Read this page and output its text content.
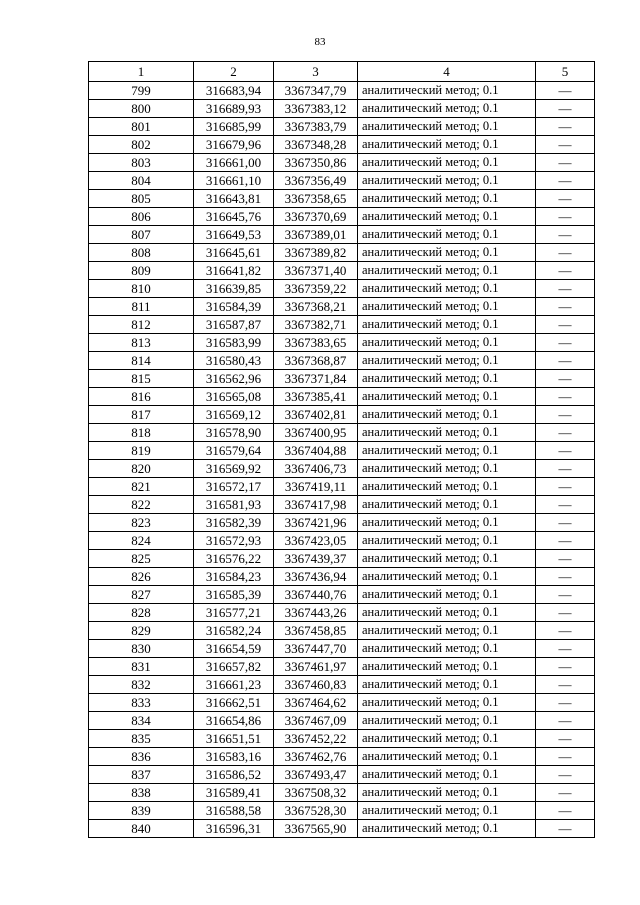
83
1	2	3	4	5
799	316683,94	3367347,79	аналитический метод; 0.1	—
800	316689,93	3367383,12	аналитический метод; 0.1	—
801	316685,99	3367383,79	аналитический метод; 0.1	—
802	316679,96	3367348,28	аналитический метод; 0.1	—
803	316661,00	3367350,86	аналитический метод; 0.1	—
804	316661,10	3367356,49	аналитический метод; 0.1	—
805	316643,81	3367358,65	аналитический метод; 0.1	—
806	316645,76	3367370,69	аналитический метод; 0.1	—
807	316649,53	3367389,01	аналитический метод; 0.1	—
808	316645,61	3367389,82	аналитический метод; 0.1	—
809	316641,82	3367371,40	аналитический метод; 0.1	—
810	316639,85	3367359,22	аналитический метод; 0.1	—
811	316584,39	3367368,21	аналитический метод; 0.1	—
812	316587,87	3367382,71	аналитический метод; 0.1	—
813	316583,99	3367383,65	аналитический метод; 0.1	—
814	316580,43	3367368,87	аналитический метод; 0.1	—
815	316562,96	3367371,84	аналитический метод; 0.1	—
816	316565,08	3367385,41	аналитический метод; 0.1	—
817	316569,12	3367402,81	аналитический метод; 0.1	—
818	316578,90	3367400,95	аналитический метод; 0.1	—
819	316579,64	3367404,88	аналитический метод; 0.1	—
820	316569,92	3367406,73	аналитический метод; 0.1	—
821	316572,17	3367419,11	аналитический метод; 0.1	—
822	316581,93	3367417,98	аналитический метод; 0.1	—
823	316582,39	3367421,96	аналитический метод; 0.1	—
824	316572,93	3367423,05	аналитический метод; 0.1	—
825	316576,22	3367439,37	аналитический метод; 0.1	—
826	316584,23	3367436,94	аналитический метод; 0.1	—
827	316585,39	3367440,76	аналитический метод; 0.1	—
828	316577,21	3367443,26	аналитический метод; 0.1	—
829	316582,24	3367458,85	аналитический метод; 0.1	—
830	316654,59	3367447,70	аналитический метод; 0.1	—
831	316657,82	3367461,97	аналитический метод; 0.1	—
832	316661,23	3367460,83	аналитический метод; 0.1	—
833	316662,51	3367464,62	аналитический метод; 0.1	—
834	316654,86	3367467,09	аналитический метод; 0.1	—
835	316651,51	3367452,22	аналитический метод; 0.1	—
836	316583,16	3367462,76	аналитический метод; 0.1	—
837	316586,52	3367493,47	аналитический метод; 0.1	—
838	316589,41	3367508,32	аналитический метод; 0.1	—
839	316588,58	3367528,30	аналитический метод; 0.1	—
840	316596,31	3367565,90	аналитический метод; 0.1	—
